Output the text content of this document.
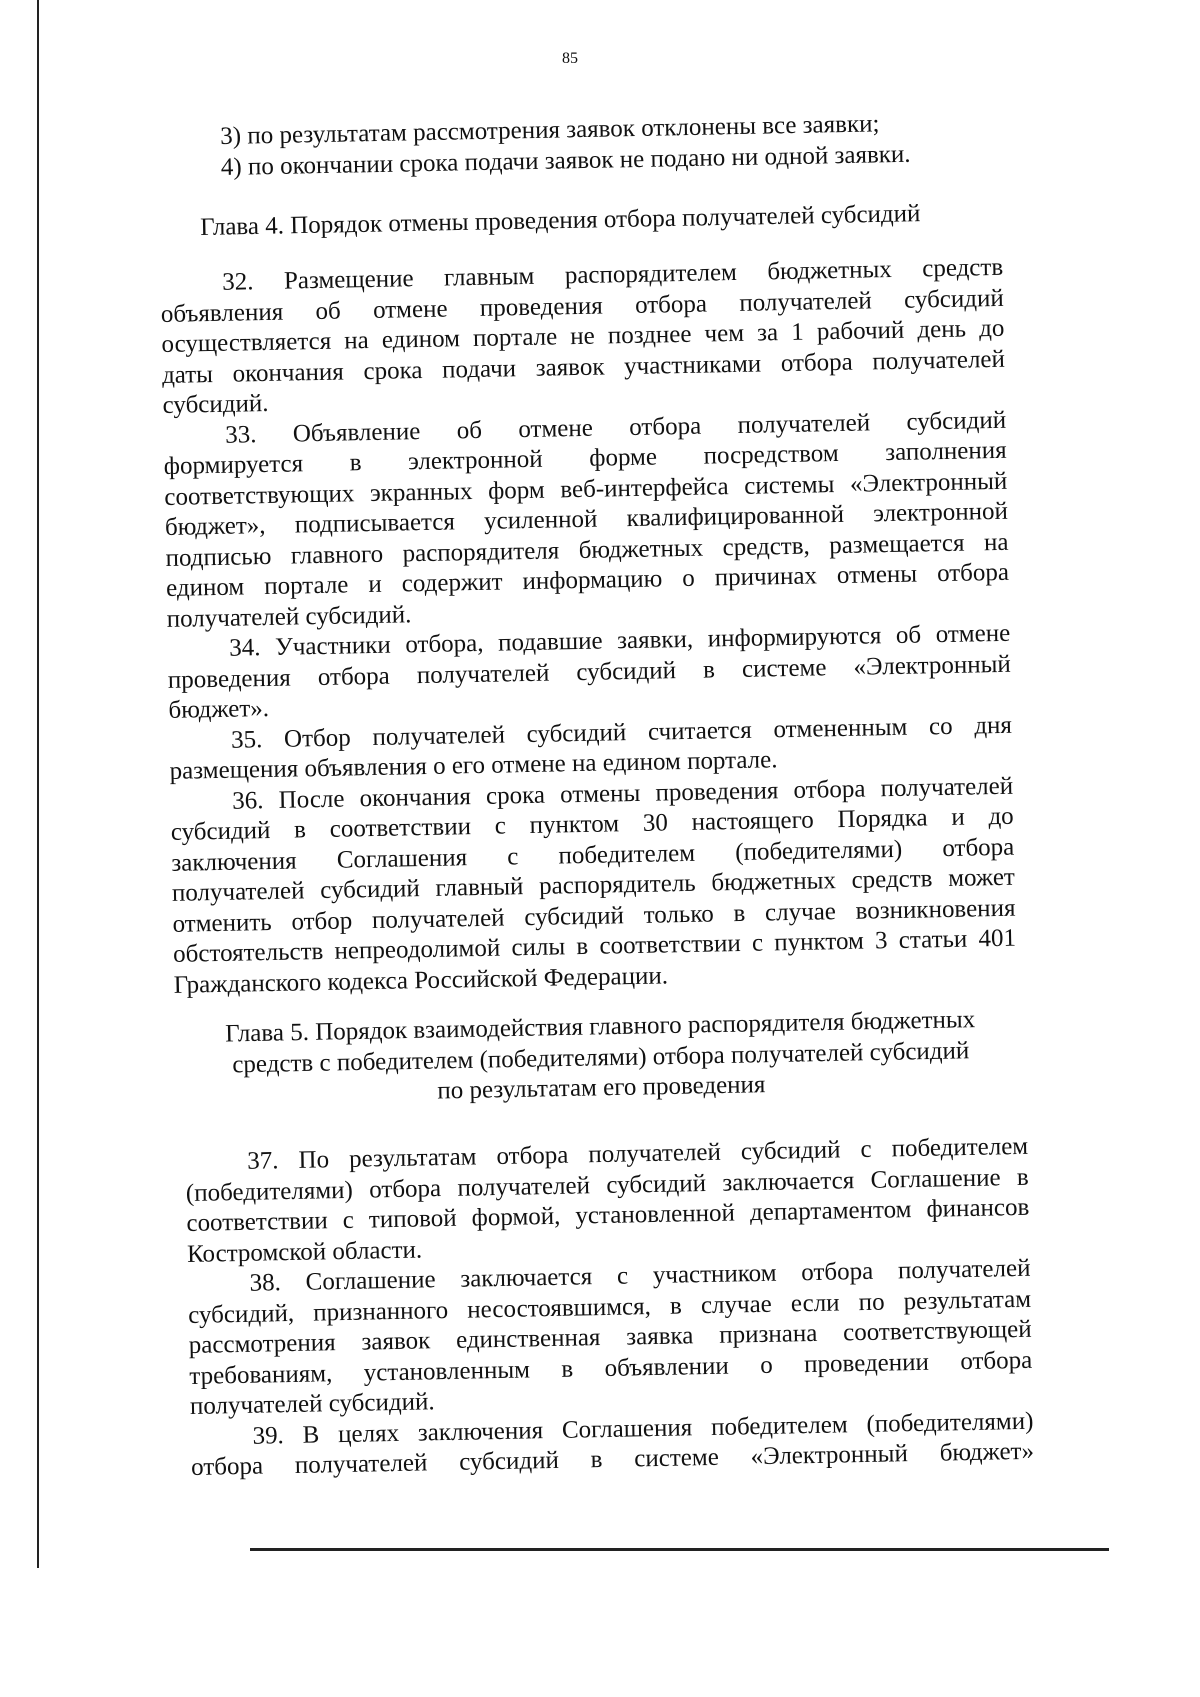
85
3) по результатам рассмотрения заявок отклонены все заявки;
4) по окончании срока подачи заявок не подано ни одной заявки.
Глава 4. Порядок отмены проведения отбора получателей субсидий
32. Размещение главным распорядителем бюджетных средств
объявления об отмене проведения отбора получателей субсидий
осуществляется на едином портале не позднее чем за 1 рабочий день до
даты окончания срока подачи заявок участниками отбора получателей
субсидий.
33. Объявление об отмене отбора получателей субсидий
формируется в электронной форме посредством заполнения
соответствующих экранных форм веб-интерфейса системы «Электронный
бюджет», подписывается усиленной квалифицированной электронной
подписью главного распорядителя бюджетных средств, размещается на
едином портале и содержит информацию о причинах отмены отбора
получателей субсидий.
34. Участники отбора, подавшие заявки, информируются об отмене
проведения отбора получателей субсидий в системе «Электронный
бюджет».
35. Отбор получателей субсидий считается отмененным со дня
размещения объявления о его отмене на едином портале.
36. После окончания срока отмены проведения отбора получателей
субсидий в соответствии с пунктом 30 настоящего Порядка и до
заключения Соглашения с победителем (победителями) отбора
получателей субсидий главный распорядитель бюджетных средств может
отменить отбор получателей субсидий только в случае возникновения
обстоятельств непреодолимой силы в соответствии с пунктом 3 статьи 401
Гражданского кодекса Российской Федерации.
Глава 5. Порядок взаимодействия главного распорядителя бюджетных
средств с победителем (победителями) отбора получателей субсидий
по результатам его проведения
37. По результатам отбора получателей субсидий с победителем
(победителями) отбора получателей субсидий заключается Соглашение в
соответствии с типовой формой, установленной департаментом финансов
Костромской области.
38. Соглашение заключается с участником отбора получателей
субсидий, признанного несостоявшимся, в случае если по результатам
рассмотрения заявок единственная заявка признана соответствующей
требованиям, установленным в объявлении о проведении отбора
получателей субсидий.
39. В целях заключения Соглашения победителем (победителями)
отбора получателей субсидий в системе «Электронный бюджет»
